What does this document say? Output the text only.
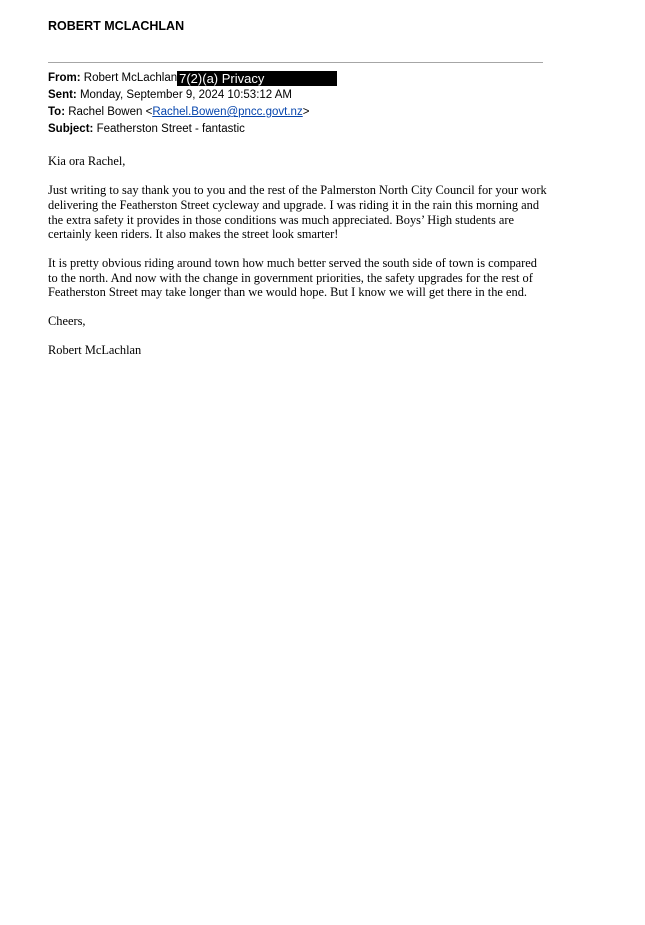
ROBERT MCLACHLAN
From: Robert McLachlan 7(2)(a) Privacy
Sent: Monday, September 9, 2024 10:53:12 AM
To: Rachel Bowen <Rachel.Bowen@pncc.govt.nz>
Subject: Featherston Street - fantastic

Kia ora Rachel,

Just writing to say thank you to you and the rest of the Palmerston North City Council for your work delivering the Featherston Street cycleway and upgrade. I was riding it in the rain this morning and the extra safety it provides in those conditions was much appreciated. Boys’ High students are certainly keen riders. It also makes the street look smarter!

It is pretty obvious riding around town how much better served the south side of town is compared to the north. And now with the change in government priorities, the safety upgrades for the rest of Featherston Street may take longer than we would hope. But I know we will get there in the end.

Cheers,

Robert McLachlan
